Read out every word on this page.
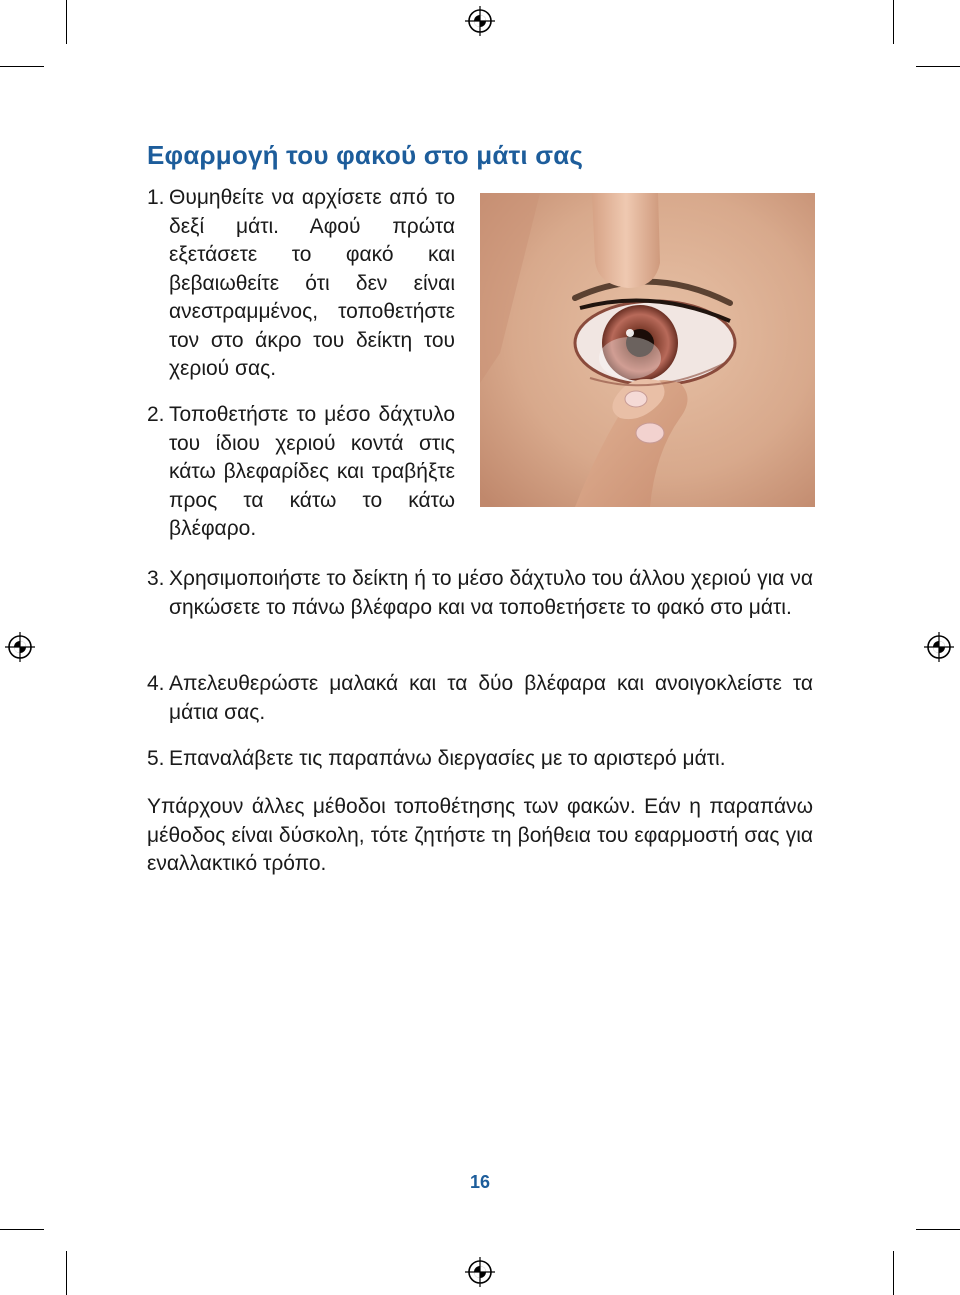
Εφαρμογή του φακού στο μάτι σας
1. Θυμηθείτε να αρχίσετε από το δεξί μάτι. Αφού πρώτα εξετάσετε το φακό και βεβαιωθείτε ότι δεν είναι ανεστραμμένος, τοποθετήστε τον στο άκρο του δείκτη του χεριού σας.
2. Τοποθετήστε το μέσο δάχτυλο του ίδιου χεριού κοντά στις κάτω βλεφαρίδες και τραβήξτε προς τα κάτω το κάτω βλέφαρο.
3. Χρησιμοποιήστε το δείκτη ή το μέσο δάχτυλο του άλλου χεριού για να σηκώσετε το πάνω βλέφαρο και να τοποθετήσετε το φακό στο μάτι.
4. Απελευθερώστε μαλακά και τα δύο βλέφαρα και ανοιγοκλείστε τα μάτια σας.
5. Επαναλάβετε τις παραπάνω διεργασίες με το αριστερό μάτι.

Υπάρχουν άλλες μέθοδοι τοποθέτησης των φακών. Εάν η παραπάνω μέθοδος είναι δύσκολη, τότε ζητήστε τη βοήθεια του εφαρμοστή σας για εναλλακτικό τρόπο.

16
